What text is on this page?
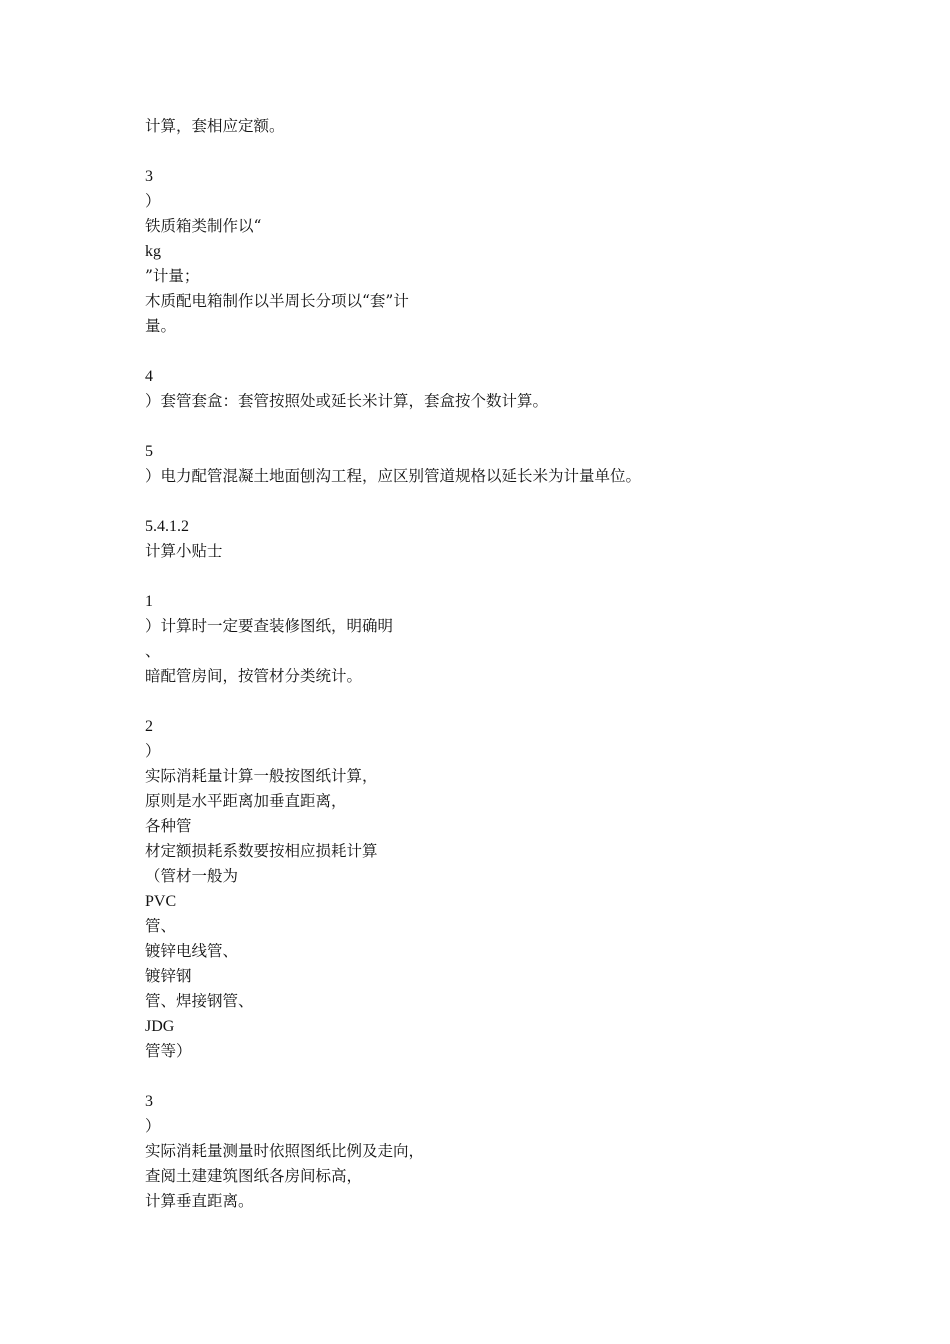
计算，套相应定额。
3
）
铁质箱类制作以“
kg
”计量；
木质配电箱制作以半周长分项以“套”计
量。
4
）套管套盒：套管按照处或延长米计算，套盒按个数计算。
5
）电力配管混凝土地面刨沟工程，应区别管道规格以延长米为计量单位。
5.4.1.2
计算小贴士
1
）计算时一定要查装修图纸，明确明
、
暗配管房间，按管材分类统计。
2
）
实际消耗量计算一般按图纸计算，
原则是水平距离加垂直距离，
各种管
材定额损耗系数要按相应损耗计算
（管材一般为
PVC
管、
镀锌电线管、
镀锌钢
管、焊接钢管、
JDG
管等）
3
）
实际消耗量测量时依照图纸比例及走向，
查阅土建建筑图纸各房间标高，
计算垂直距离。
